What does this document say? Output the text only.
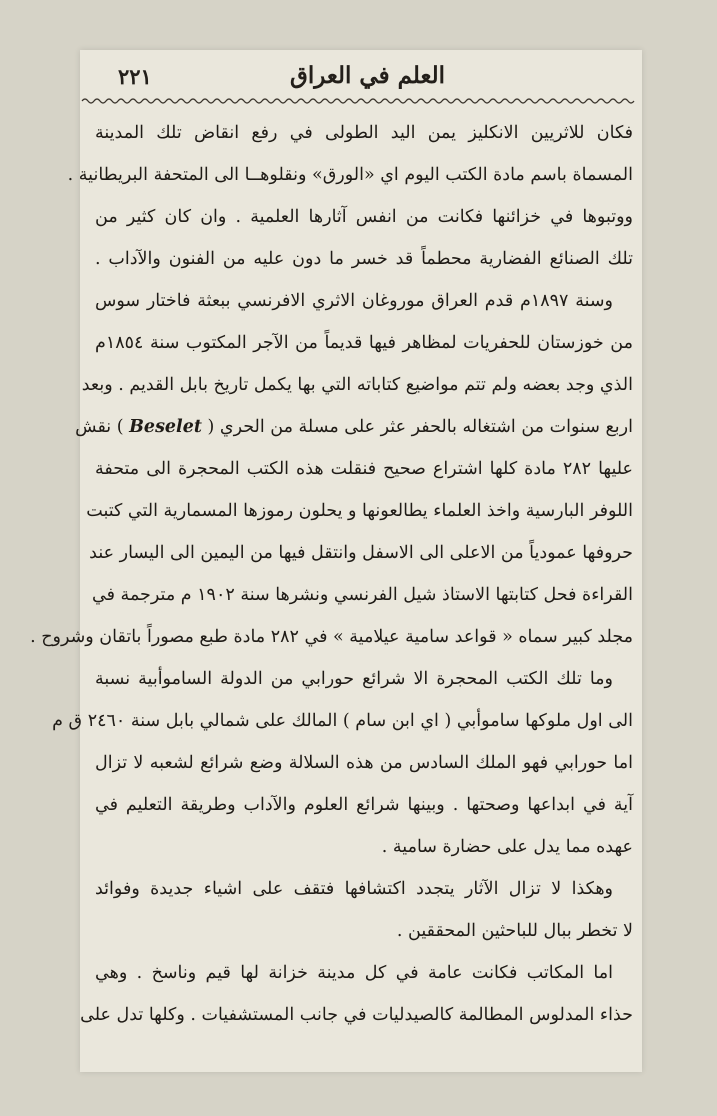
العلم في العراق
٢٢١
فكان للاثريين الانكليز يمن اليد الطولى في رفع انقاض تلك المدينة
المسماة باسم مادة الكتب اليوم اي «الورق» ونقلوهــا الى المتحفة البريطانية .
ووتبوها في خزائنها فكانت من انفس آثارها العلمية . وان كان كثير من
تلك الصنائع الفضارية محطماً قد خسر ما دون عليه من الفنون والآداب .
وسنة ١٨٩٧م قدم العراق موروغان الاثري الافرنسي ببعثة فاختار سوس
من خوزستان للحفريات لمظاهر فيها قديماً من الآجر المكتوب سنة ١٨٥٤م
الذي وجد بعضه ولم تتم مواضيع كتاباته التي بها يكمل تاريخ بابل القديم . وبعد
اربع سنوات من اشتغاله بالحفر عثر على مسلة من الحري ( Beselet ) نقش
عليها ٢٨٢ مادة كلها اشتراع صحيح فنقلت هذه الكتب المحجرة الى متحفة
اللوفر البارسية واخذ العلماء يطالعونها و يحلون رموزها المسمارية التي كتبت
حروفها عمودياً من الاعلى الى الاسفل وانتقل فيها من اليمين الى اليسار عند
القراءة فحل كتابتها الاستاذ شيل الفرنسي ونشرها سنة ١٩٠٢ م مترجمة في
مجلد كبير سماه « قواعد سامية عيلامية » في ٢٨٢ مادة طبع مصوراً باتقان وشروح .
وما تلك الكتب المحجرة الا شرائع حورابي من الدولة الساموأبية نسبة
الى اول ملوكها ساموأبي ( اي ابن سام ) المالك على شمالي بابل سنة ٢٤٦٠ ق م
اما حورابي فهو الملك السادس من هذه السلالة وضع شرائع لشعبه لا تزال
آية في ابداعها وصحتها . وبينها شرائع العلوم والآداب وطريقة التعليم في
عهده مما يدل على حضارة سامية .
وهكذا لا تزال الآثار يتجدد اكتشافها فتقف على اشياء جديدة وفوائد
لا تخطر ببال للباحثين المحققين .
اما المكاتب فكانت عامة في كل مدينة خزانة لها قيم وناسخ . وهي
حذاء المدلوس المطالمة كالصيدليات في جانب المستشفيات . وكلها تدل على
